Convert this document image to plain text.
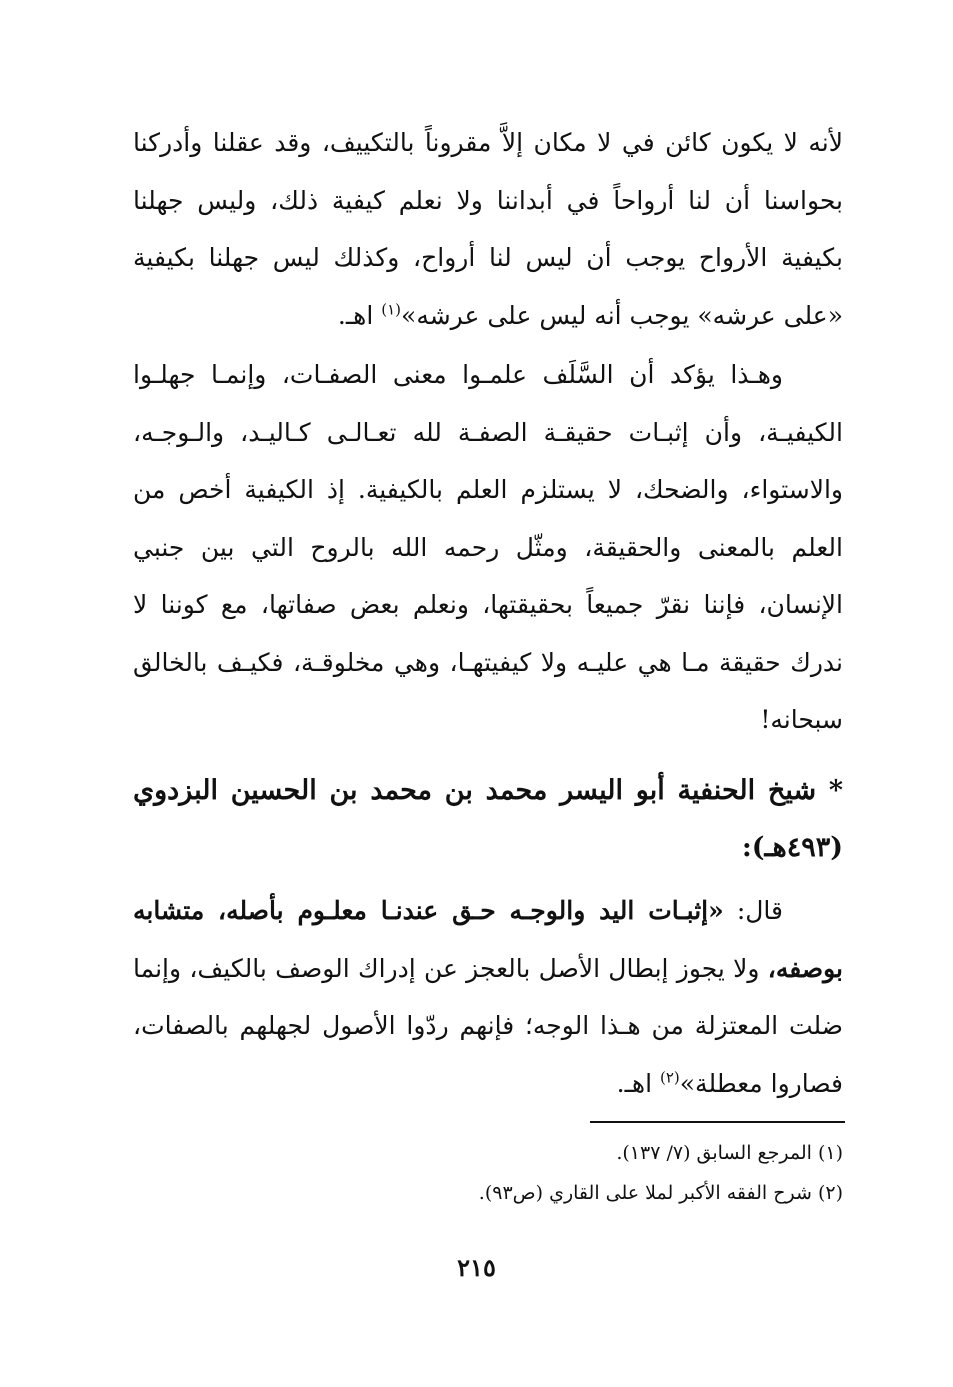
لأنه لا يكون كائن في لا مكان إلاَّ مقروناً بالتكييف، وقد عقلنا وأدركنا بحواسنا أن لنا أرواحاً في أبداننا ولا نعلم كيفية ذلك، وليس جهلنا بكيفية الأرواح يوجب أن ليس لنا أرواح، وكذلك ليس جهلنا بكيفية «على عرشه» يوجب أنه ليس على عرشه»$^{(١)}$ اهـ.

وهـذا يؤكد أن السَّلَف علمـوا معنى الصفـات، وإنمـا جهلـوا الكيفيـة، وأن إثبـات حقيقـة الصفـة لله تعـالـى كـاليـد، والـوجـه، والاستواء، والضحك، لا يستلزم العلم بالكيفية. إذ الكيفية أخص من العلم بالمعنى والحقيقة، ومثّل رحمه الله بالروح التي بين جنبي الإنسان، فإننا نقرّ جميعاً بحقيقتها، ونعلم بعض صفاتها، مع كوننا لا ندرك حقيقة مـا هي عليـه ولا كيفيتهـا، وهي مخلوقـة، فكيـف بالخالق سبحانه!

* شيخ الحنفية أبو اليسر محمد بن محمد بن الحسين البزدوي (٤٩٣هـ):

قال: «إثبـات اليد والوجـه حـق عندنـا معلـوم بأصله، متشابه بوصفه، ولا يجوز إبطال الأصل بالعجز عن إدراك الوصف بالكيف، وإنما ضلت المعتزلة من هـذا الوجه؛ فإنهم ردّوا الأصول لجهلهم بالصفات، فصاروا معطلة»$^{(٢)}$ اهـ.

(١) المرجع السابق (٧/ ١٣٧).
(٢) شرح الفقه الأكبر لملا على القاري (ص٩٣).
٢١٥
